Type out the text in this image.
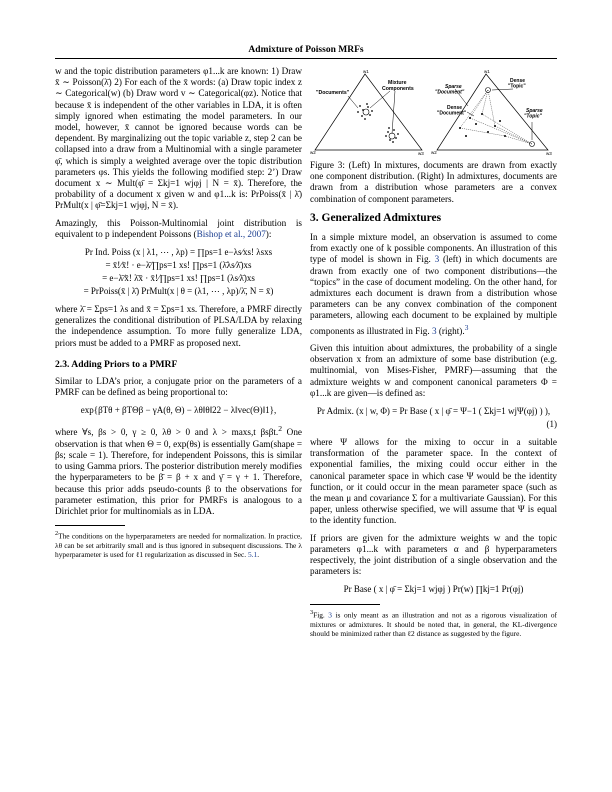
Admixture of Poisson MRFs

w and the topic distribution parameters φ1...k are known: 1) Draw x̄ ∼ Poisson(λ̄) 2) For each of the x̄ words: (a) Draw topic index z ∼ Categorical(w) (b) Draw word v ∼ Categorical(φz). Notice that because x̄ is independent of the other variables in LDA, it is often simply ignored when estimating the model parameters. In our model, however, x̄ cannot be ignored because words can be dependent. By marginalizing out the topic variable z, step 2 can be collapsed into a draw from a Multinomial with a single parameter φ̄, which is simply a weighted average over the topic distribution parameters φs. This yields the following modified step: 2’) Draw document x ∼ Mult(φ̄ = Σkj=1 wjφj | N = x̄). Therefore, the probability of a document x given w and φ1...k is: PrPoiss(x̄ | λ̄) PrMult(x | φ̄=Σkj=1 wjφj, N = x̄).

Amazingly, this Poisson-Multinomial joint distribution is equivalent to p independent Poissons (Bishop et al., 2007):

Pr Ind. Poiss (x | λ1, ⋯ , λp) = ∏ps=1 e−λs⁄xs! λsxs
= x̄!⁄x̄! · e−λ̄⁄∏ps=1 xs! ∏ps=1 (λ̄λs⁄λ̄)xs
= e−λ̄⁄x̄! λ̄x̄ · x̄!⁄∏ps=1 xs! ∏ps=1 (λs⁄λ̄)xs
= PrPoiss(x̄ | λ̄) PrMult(x | θ = (λ1, ⋯ , λp)/λ̄, N = x̄)

where λ̄ = Σps=1 λs and x̄ = Σps=1 xs. Therefore, a PMRF directly generalizes the conditional distribution of PLSA/LDA by relaxing the independence assumption. To more fully generalize LDA, priors must be added to a PMRF as proposed next.

2.3. Adding Priors to a PMRF

Similar to LDA’s prior, a conjugate prior on the parameters of a PMRF can be defined as being proportional to:

exp{βTθ + βTΘβ − γA(θ, Θ) − λθ‖θ‖22 − λ‖vec(Θ)‖1},

where ∀s, βs > 0, γ ≥ 0, λθ > 0 and λ > maxs,t βsβt.$^2$ One observation is that when Θ = 0, exp(θs) is essentially Gam(shape = βs; scale = 1). Therefore, for independent Poissons, this is similar to using Gamma priors. The posterior distribution merely modifies the hyperparameters to be β̄ = β + x and γ̄ = γ + 1. Therefore, because this prior adds pseudo-counts β to the observations for parameter estimation, this prior for PMRFs is analogous to a Dirichlet prior for multinomials as in LDA.

$^2$The conditions on the hyperparameters are needed for normalization. In practice, λθ can be set arbitrarily small and is thus ignored in subsequent discussions. The λ hyperparameter is used for ℓ1 regularization as discussed in Sec. 5.1.
w1
w2	w3
w1
w2	w3
"Documents"
Mixture Components
Dense "Topic"
Sparse "Document"
Dense "Document"	Sparse "Topic"
Figure 3: (Left) In mixtures, documents are drawn from exactly one component distribution. (Right) In admixtures, documents are drawn from a distribution whose parameters are a convex combination of component parameters.
3. Generalized Admixtures

In a simple mixture model, an observation is assumed to come from exactly one of k possible components. An illustration of this type of model is shown in Fig. 3 (left) in which documents are drawn from exactly one of two component distributions—the “topics” in the case of document modeling. On the other hand, for admixtures each document is drawn from a distribution whose parameters can be any convex combination of the component parameters, allowing each document to be explained by multiple components as illustrated in Fig. 3 (right).$^3$

Given this intuition about admixtures, the probability of a single observation x from an admixture of some base distribution (e.g. multinomial, von Mises-Fisher, PMRF)—assuming that the admixture weights w and component canonical parameters Φ = φ1...k are given—is defined as:

Pr Admix. (x | w, Φ) = Pr Base ( x | φ̄ = Ψ−1 ( Σkj=1 wjΨ(φj) ) ),
(1)

where Ψ allows for the mixing to occur in a suitable transformation of the parameter space. In the context of exponential families, the mixing could occur either in the canonical parameter space in which case Ψ would be the identity function, or it could occur in the mean parameter space (such as the mean μ and covariance Σ for a multivariate Gaussian). For this paper, unless otherwise specified, we will assume that Ψ is equal to the identity function.

If priors are given for the admixture weights w and the topic parameters φ1...k with parameters α and β hyperparameters respectively, the joint distribution of a single observation and the parameters is:

Pr Base ( x | φ̄ = Σkj=1 wjφj ) Pr(w) ∏kj=1 Pr(φj)
$^3$Fig. 3 is only meant as an illustration and not as a rigorous visualization of mixtures or admixtures. It should be noted that, in general, the KL-divergence should be minimized rather than ℓ2 distance as suggested by the figure.
